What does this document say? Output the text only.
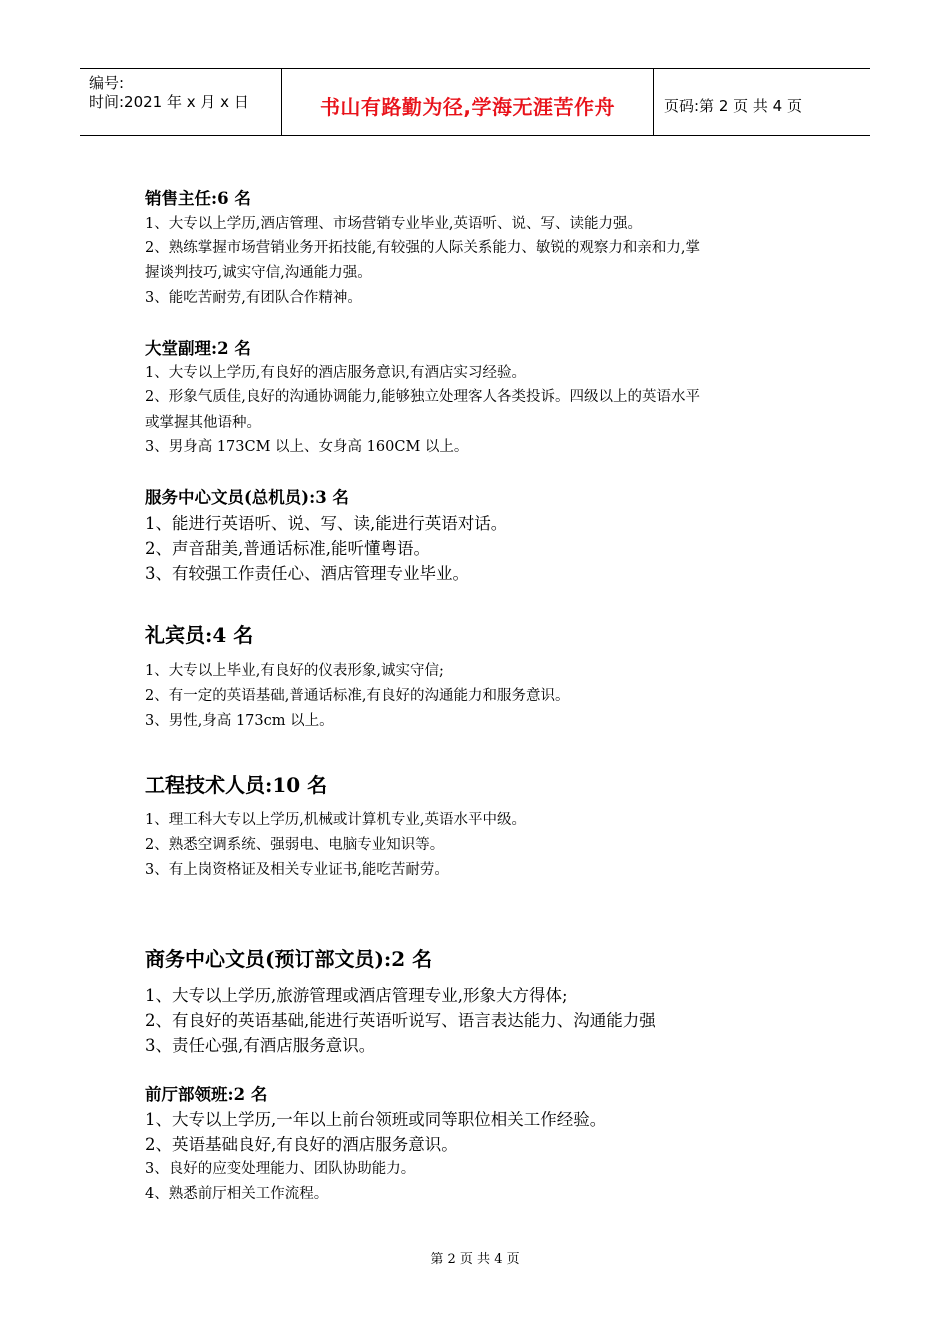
编号:
时间:2021 年 x 月 x 日	书山有路勤为径,学海无涯苦作舟	页码:第 2 页 共 4 页
销售主任:6 名
1、大专以上学历,酒店管理、市场营销专业毕业,英语听、说、写、读能力强。
2、熟练掌握市场营销业务开拓技能,有较强的人际关系能力、敏锐的观察力和亲和力,掌
握谈判技巧,诚实守信,沟通能力强。
3、能吃苦耐劳,有团队合作精神。
大堂副理:2 名
1、大专以上学历,有良好的酒店服务意识,有酒店实习经验。
2、形象气质佳,良好的沟通协调能力,能够独立处理客人各类投诉。四级以上的英语水平
或掌握其他语种。
3、男身高 173CM 以上、女身高 160CM 以上。
服务中心文员(总机员):3 名
1、能进行英语听、说、写、读,能进行英语对话。
2、声音甜美,普通话标准,能听懂粤语。
3、有较强工作责任心、酒店管理专业毕业。
礼宾员:4 名
1、大专以上毕业,有良好的仪表形象,诚实守信;
2、有一定的英语基础,普通话标准,有良好的沟通能力和服务意识。
3、男性,身高 173cm 以上。
工程技术人员:10 名
1、理工科大专以上学历,机械或计算机专业,英语水平中级。
2、熟悉空调系统、强弱电、电脑专业知识等。
3、有上岗资格证及相关专业证书,能吃苦耐劳。
商务中心文员(预订部文员):2 名
1、大专以上学历,旅游管理或酒店管理专业,形象大方得体;
2、有良好的英语基础,能进行英语听说写、语言表达能力、沟通能力强
3、责任心强,有酒店服务意识。
前厅部领班:2 名
1、大专以上学历,一年以上前台领班或同等职位相关工作经验。
2、英语基础良好,有良好的酒店服务意识。
3、良好的应变处理能力、团队协助能力。
4、熟悉前厅相关工作流程。
第 2 页 共 4 页
